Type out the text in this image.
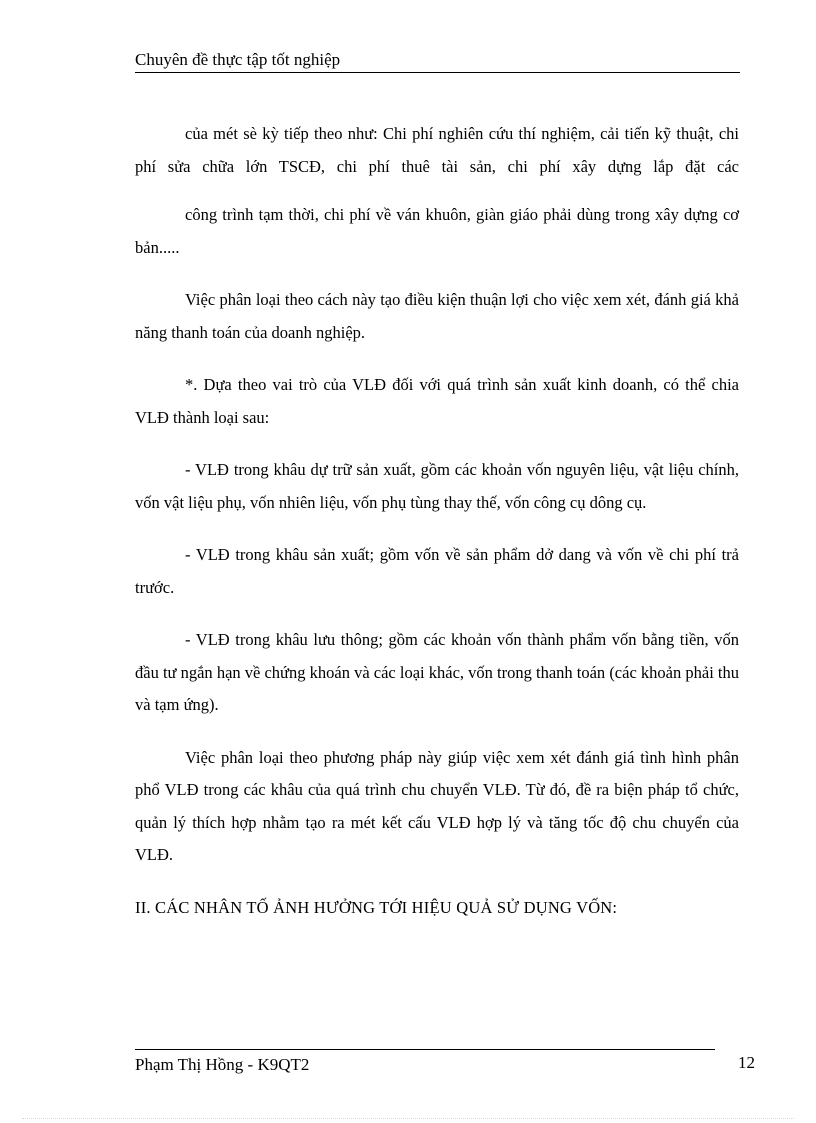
Chuyên đề thực tập tốt nghiệp

của mét sè kỳ tiếp theo như: Chi phí nghiên cứu thí nghiệm, cải tiến kỹ thuật, chi phí sửa chữa lớn TSCĐ, chi phí thuê tài sản, chi phí xây dựng lắp đặt các

công trình tạm thời, chi phí về ván khuôn, giàn giáo phải dùng trong xây dựng cơ bản.....

Việc phân loại theo cách này tạo điều kiện thuận lợi cho việc xem xét, đánh giá khả năng thanh toán của doanh nghiệp.

*. Dựa theo vai trò của VLĐ đối với quá trình sản xuất kinh doanh, có thể chia VLĐ thành loại sau:

- VLĐ trong khâu dự trữ sản xuất, gồm các khoản vốn nguyên liệu, vật liệu chính, vốn vật liệu phụ, vốn nhiên liệu, vốn phụ tùng thay thế, vốn công cụ dông cụ.

- VLĐ trong khâu sản xuất; gồm vốn về sản phẩm dở dang và vốn về chi phí trả trước.

- VLĐ trong khâu lưu thông; gồm các khoản vốn thành phẩm vốn bằng tiền, vốn đầu tư ngắn hạn về chứng khoán và các loại khác, vốn trong thanh toán (các khoản phải thu và tạm ứng).

Việc phân loại theo phương pháp này giúp việc xem xét đánh giá tình hình phân phổ VLĐ trong các khâu của quá trình chu chuyển VLĐ. Từ đó, đề ra biện pháp tổ chức, quản lý thích hợp nhằm tạo ra mét kết cấu VLĐ hợp lý và tăng tốc độ chu chuyển của VLĐ.

II. CÁC NHÂN TỐ ẢNH HƯỞNG TỚI HIỆU QUẢ SỬ DỤNG VỐN:

Phạm Thị Hồng - K9QT2	12
